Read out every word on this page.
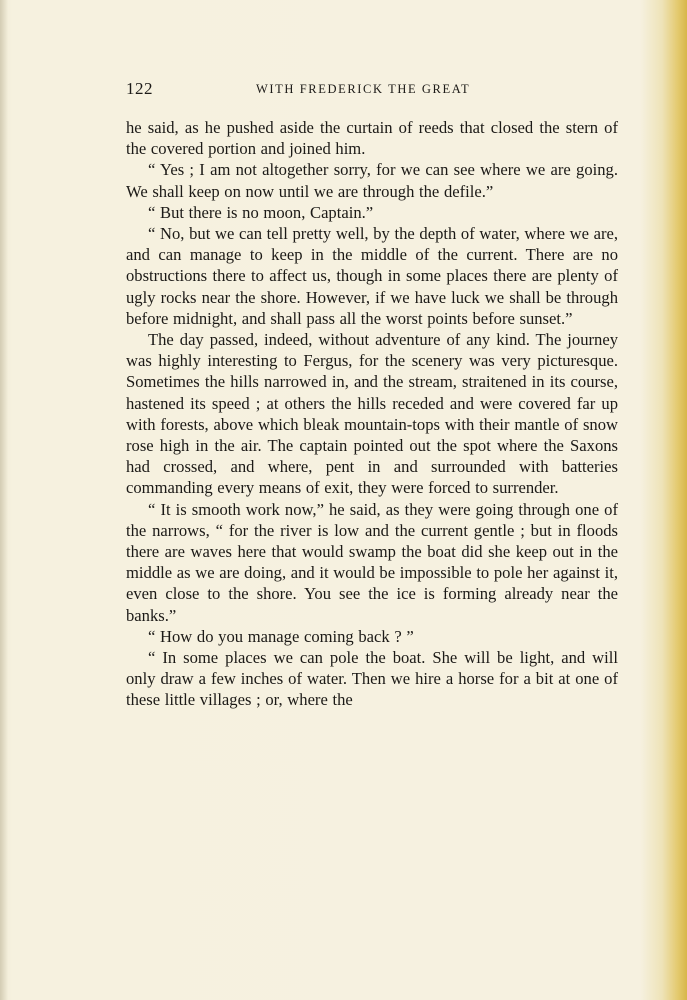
122	WITH FREDERICK THE GREAT

he said, as he pushed aside the curtain of reeds that closed the stern of the covered portion and joined him.

“ Yes ; I am not altogether sorry, for we can see where we are going. We shall keep on now until we are through the defile.”

“ But there is no moon, Captain.”

“ No, but we can tell pretty well, by the depth of water, where we are, and can manage to keep in the middle of the current. There are no obstructions there to affect us, though in some places there are plenty of ugly rocks near the shore. However, if we have luck we shall be through before midnight, and shall pass all the worst points before sunset.”

The day passed, indeed, without adventure of any kind. The journey was highly interesting to Fergus, for the scenery was very picturesque. Sometimes the hills narrowed in, and the stream, straitened in its course, hastened its speed ; at others the hills receded and were covered far up with forests, above which bleak mountain-tops with their mantle of snow rose high in the air. The captain pointed out the spot where the Saxons had crossed, and where, pent in and surrounded with batteries commanding every means of exit, they were forced to surrender.

“ It is smooth work now,” he said, as they were going through one of the narrows, “ for the river is low and the current gentle ; but in floods there are waves here that would swamp the boat did she keep out in the middle as we are doing, and it would be impossible to pole her against it, even close to the shore. You see the ice is forming already near the banks.”

“ How do you manage coming back ? ”

“ In some places we can pole the boat. She will be light, and will only draw a few inches of water. Then we hire a horse for a bit at one of these little villages ; or, where the
